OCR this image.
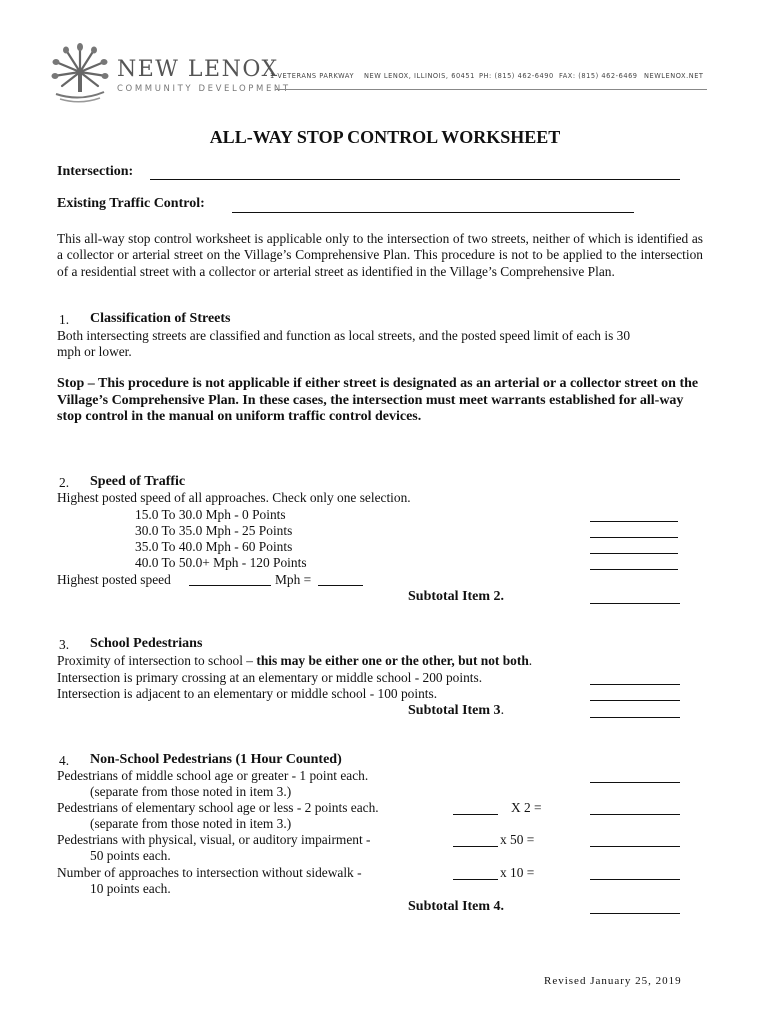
NEW LENOX
COMMUNITY DEVELOPMENT
1 VETERANS PARKWAY NEW LENOX, ILLINOIS, 60451 PH: (815) 462-6490 FAX: (815) 462-6469 NEWLENOX.NET
ALL-WAY STOP CONTROL WORKSHEET
Intersection:
Existing Traffic Control:
This all-way stop control worksheet is applicable only to the intersection of two streets, neither of which is identified as a collector or arterial street on the Village’s Comprehensive Plan. This procedure is not to be applied to the intersection of a residential street with a collector or arterial street as identified in the Village’s Comprehensive Plan.
1. Classification of Streets
Both intersecting streets are classified and function as local streets, and the posted speed limit of each is 30
mph or lower.
Stop – This procedure is not applicable if either street is designated as an arterial or a collector street on the Village’s Comprehensive Plan. In these cases, the intersection must meet warrants established for all-way stop control in the manual on uniform traffic control devices.
2. Speed of Traffic
Highest posted speed of all approaches. Check only one selection.
15.0 To 30.0 Mph - 0 Points
30.0 To 35.0 Mph - 25 Points
35.0 To 40.0 Mph - 60 Points
40.0 To 50.0+ Mph - 120 Points
Highest posted speed	Mph =
Subtotal Item 2.
3. School Pedestrians
Proximity of intersection to school – this may be either one or the other, but not both.
Intersection is primary crossing at an elementary or middle school - 200 points.
Intersection is adjacent to an elementary or middle school - 100 points.
Subtotal Item 3.
4. Non-School Pedestrians (1 Hour Counted)
Pedestrians of middle school age or greater - 1 point each.
(separate from those noted in item 3.)
Pedestrians of elementary school age or less - 2 points each.	X 2 =
(separate from those noted in item 3.)
Pedestrians with physical, visual, or auditory impairment -	x 50 =
50 points each.
Number of approaches to intersection without sidewalk -	x 10 =
10 points each.
Subtotal Item 4.
Revised January 25, 2019
